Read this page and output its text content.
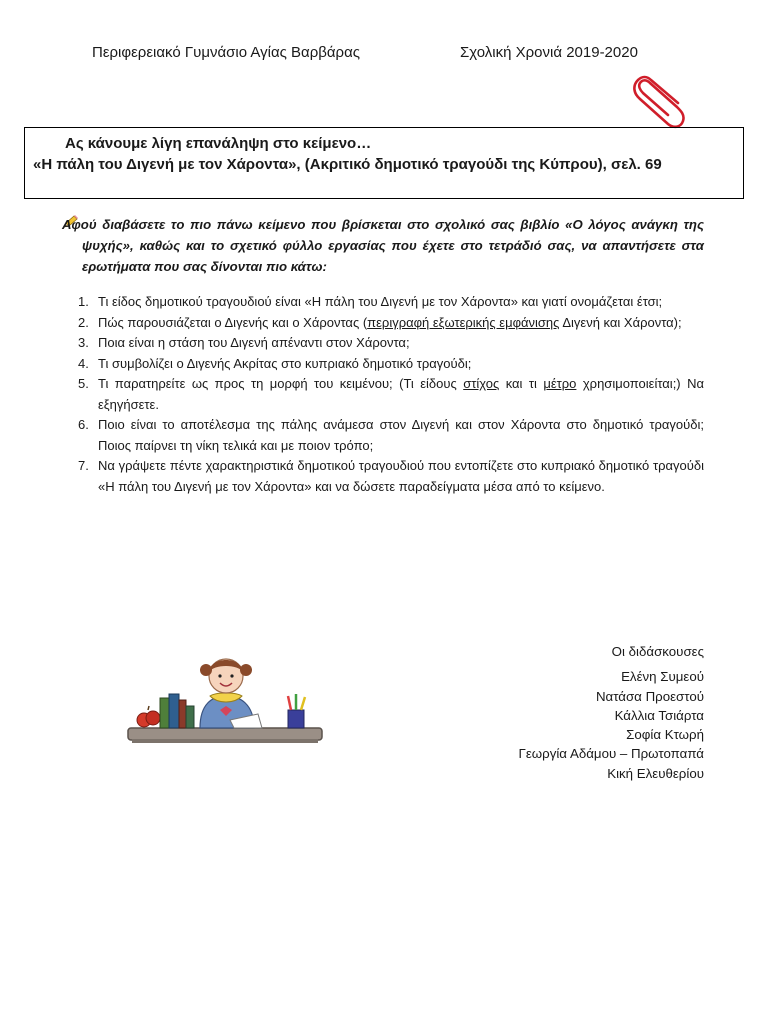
Περιφερειακό Γυμνάσιο Αγίας Βαρβάρας	Σχολική Χρονιά 2019-2020
Ας κάνουμε λίγη επανάληψη στο κείμενο…
«Η πάλη του Διγενή με τον Χάροντα», (Ακριτικό δημοτικό τραγούδι της Κύπρου), σελ. 69
Αφού διαβάσετε το πιο πάνω κείμενο που βρίσκεται στο σχολικό σας βιβλίο «Ο λόγος ανάγκη της ψυχής», καθώς και το σχετικό φύλλο εργασίας που έχετε στο τετράδιό σας, να απαντήσετε στα ερωτήματα που σας δίνονται πιο κάτω:
1. Τι είδος δημοτικού τραγουδιού είναι «Η πάλη του Διγενή με τον Χάροντα» και γιατί ονομάζεται έτσι;
2. Πώς παρουσιάζεται ο Διγενής και ο Χάροντας (περιγραφή εξωτερικής εμφάνισης Διγενή και Χάροντα);
3. Ποια είναι η στάση του Διγενή απέναντι στον Χάροντα;
4. Τι συμβολίζει ο Διγενής Ακρίτας στο κυπριακό δημοτικό τραγούδι;
5. Τι παρατηρείτε ως προς τη μορφή του κειμένου; (Τι είδους στίχος και τι μέτρο χρησιμοποιείται;) Να εξηγήσετε.
6. Ποιο είναι το αποτέλεσμα της πάλης ανάμεσα στον Διγενή και στον Χάροντα στο δημοτικό τραγούδι; Ποιος παίρνει τη νίκη τελικά και με ποιον τρόπο;
7. Να γράψετε πέντε χαρακτηριστικά δημοτικού τραγουδιού που εντοπίζετε στο κυπριακό δημοτικό τραγούδι «Η πάλη του Διγενή με τον Χάροντα» και να δώσετε παραδείγματα μέσα από το κείμενο.
Οι διδάσκουσες
Ελένη Συμεού
Νατάσα Προεστού
Κάλλια Τσιάρτα
Σοφία Κτωρή
Γεωργία Αδάμου – Πρωτοπαπά
Κική Ελευθερίου
